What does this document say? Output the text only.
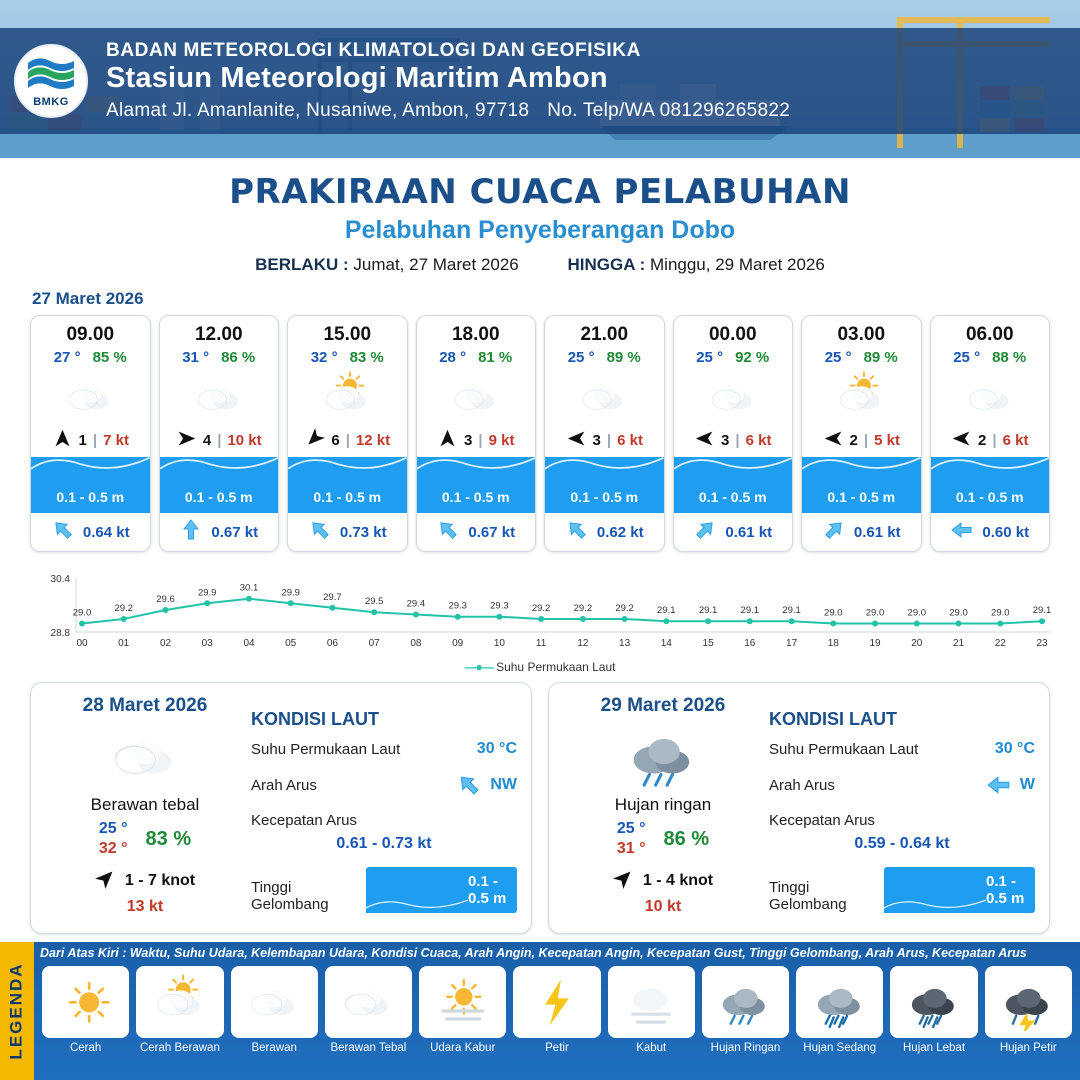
BMKG
BADAN METEOROLOGI KLIMATOLOGI DAN GEOFISIKA
Stasiun Meteorologi Maritim Ambon
Alamat Jl. Amanlanite, Nusaniwe, Ambon, 97718 No. Telp/WA 081296265822
PRAKIRAAN CUACA PELABUHAN
Pelabuhan Penyeberangan Dobo
BERLAKU : Jumat, 27 Maret 2026	HINGGA : Minggu, 29 Maret 2026
27 Maret 2026
09.00
27 ° 85 %
1 | 7 kt
0.1 - 0.5 m
0.64 kt
12.00
31 ° 86 %
4 | 10 kt
0.1 - 0.5 m
0.67 kt
15.00
32 ° 83 %
6 | 12 kt
0.1 - 0.5 m
0.73 kt
18.00
28 ° 81 %
3 | 9 kt
0.1 - 0.5 m
0.67 kt
21.00
25 ° 89 %
3 | 6 kt
0.1 - 0.5 m
0.62 kt
00.00
25 ° 92 %
3 | 6 kt
0.1 - 0.5 m
0.61 kt
03.00
25 ° 89 %
2 | 5 kt
0.1 - 0.5 m
0.61 kt
06.00
25 ° 88 %
2 | 6 kt
0.1 - 0.5 m
0.60 kt
30.4
28.8
29.0
00
29.2
01
29.6
02
29.9
03
30.1
04
29.9
05
29.7
06
29.5
07
29.4
08
29.3
09
29.3
10
29.2
11
29.2
12
29.2
13
29.1
14
29.1
15
29.1
16
29.1
17
29.0
18
29.0
19
29.0
20
29.0
21
29.0
22
29.1
23
—●— Suhu Permukaan Laut
28 Maret 2026
Berawan tebal
25 °
32 ° 83 %
1 - 7 knot
13 kt
KONDISI LAUT
Suhu Permukaan Laut	30 °C
Arah Arus	NW
Kecepatan Arus
0.61 - 0.73 kt
Tinggi Gelombang
0.1 - 0.5 m
29 Maret 2026
Hujan ringan
25 °
31 ° 86 %
1 - 4 knot
10 kt
KONDISI LAUT
Suhu Permukaan Laut	30 °C
Arah Arus	W
Kecepatan Arus
0.59 - 0.64 kt
Tinggi Gelombang
0.1 - 0.5 m
Dari Atas Kiri : Waktu, Suhu Udara, Kelembapan Udara, Kondisi Cuaca, Arah Angin, Kecepatan Angin, Kecepatan Gust, Tinggi Gelombang, Arah Arus, Kecepatan Arus
LEGENDA	Cerah	Cerah Berawan	Berawan	Berawan Tebal Udara Kabur	Petir	Kabut	Hujan Ringan Hujan Sedang Hujan Lebat	Hujan Petir
